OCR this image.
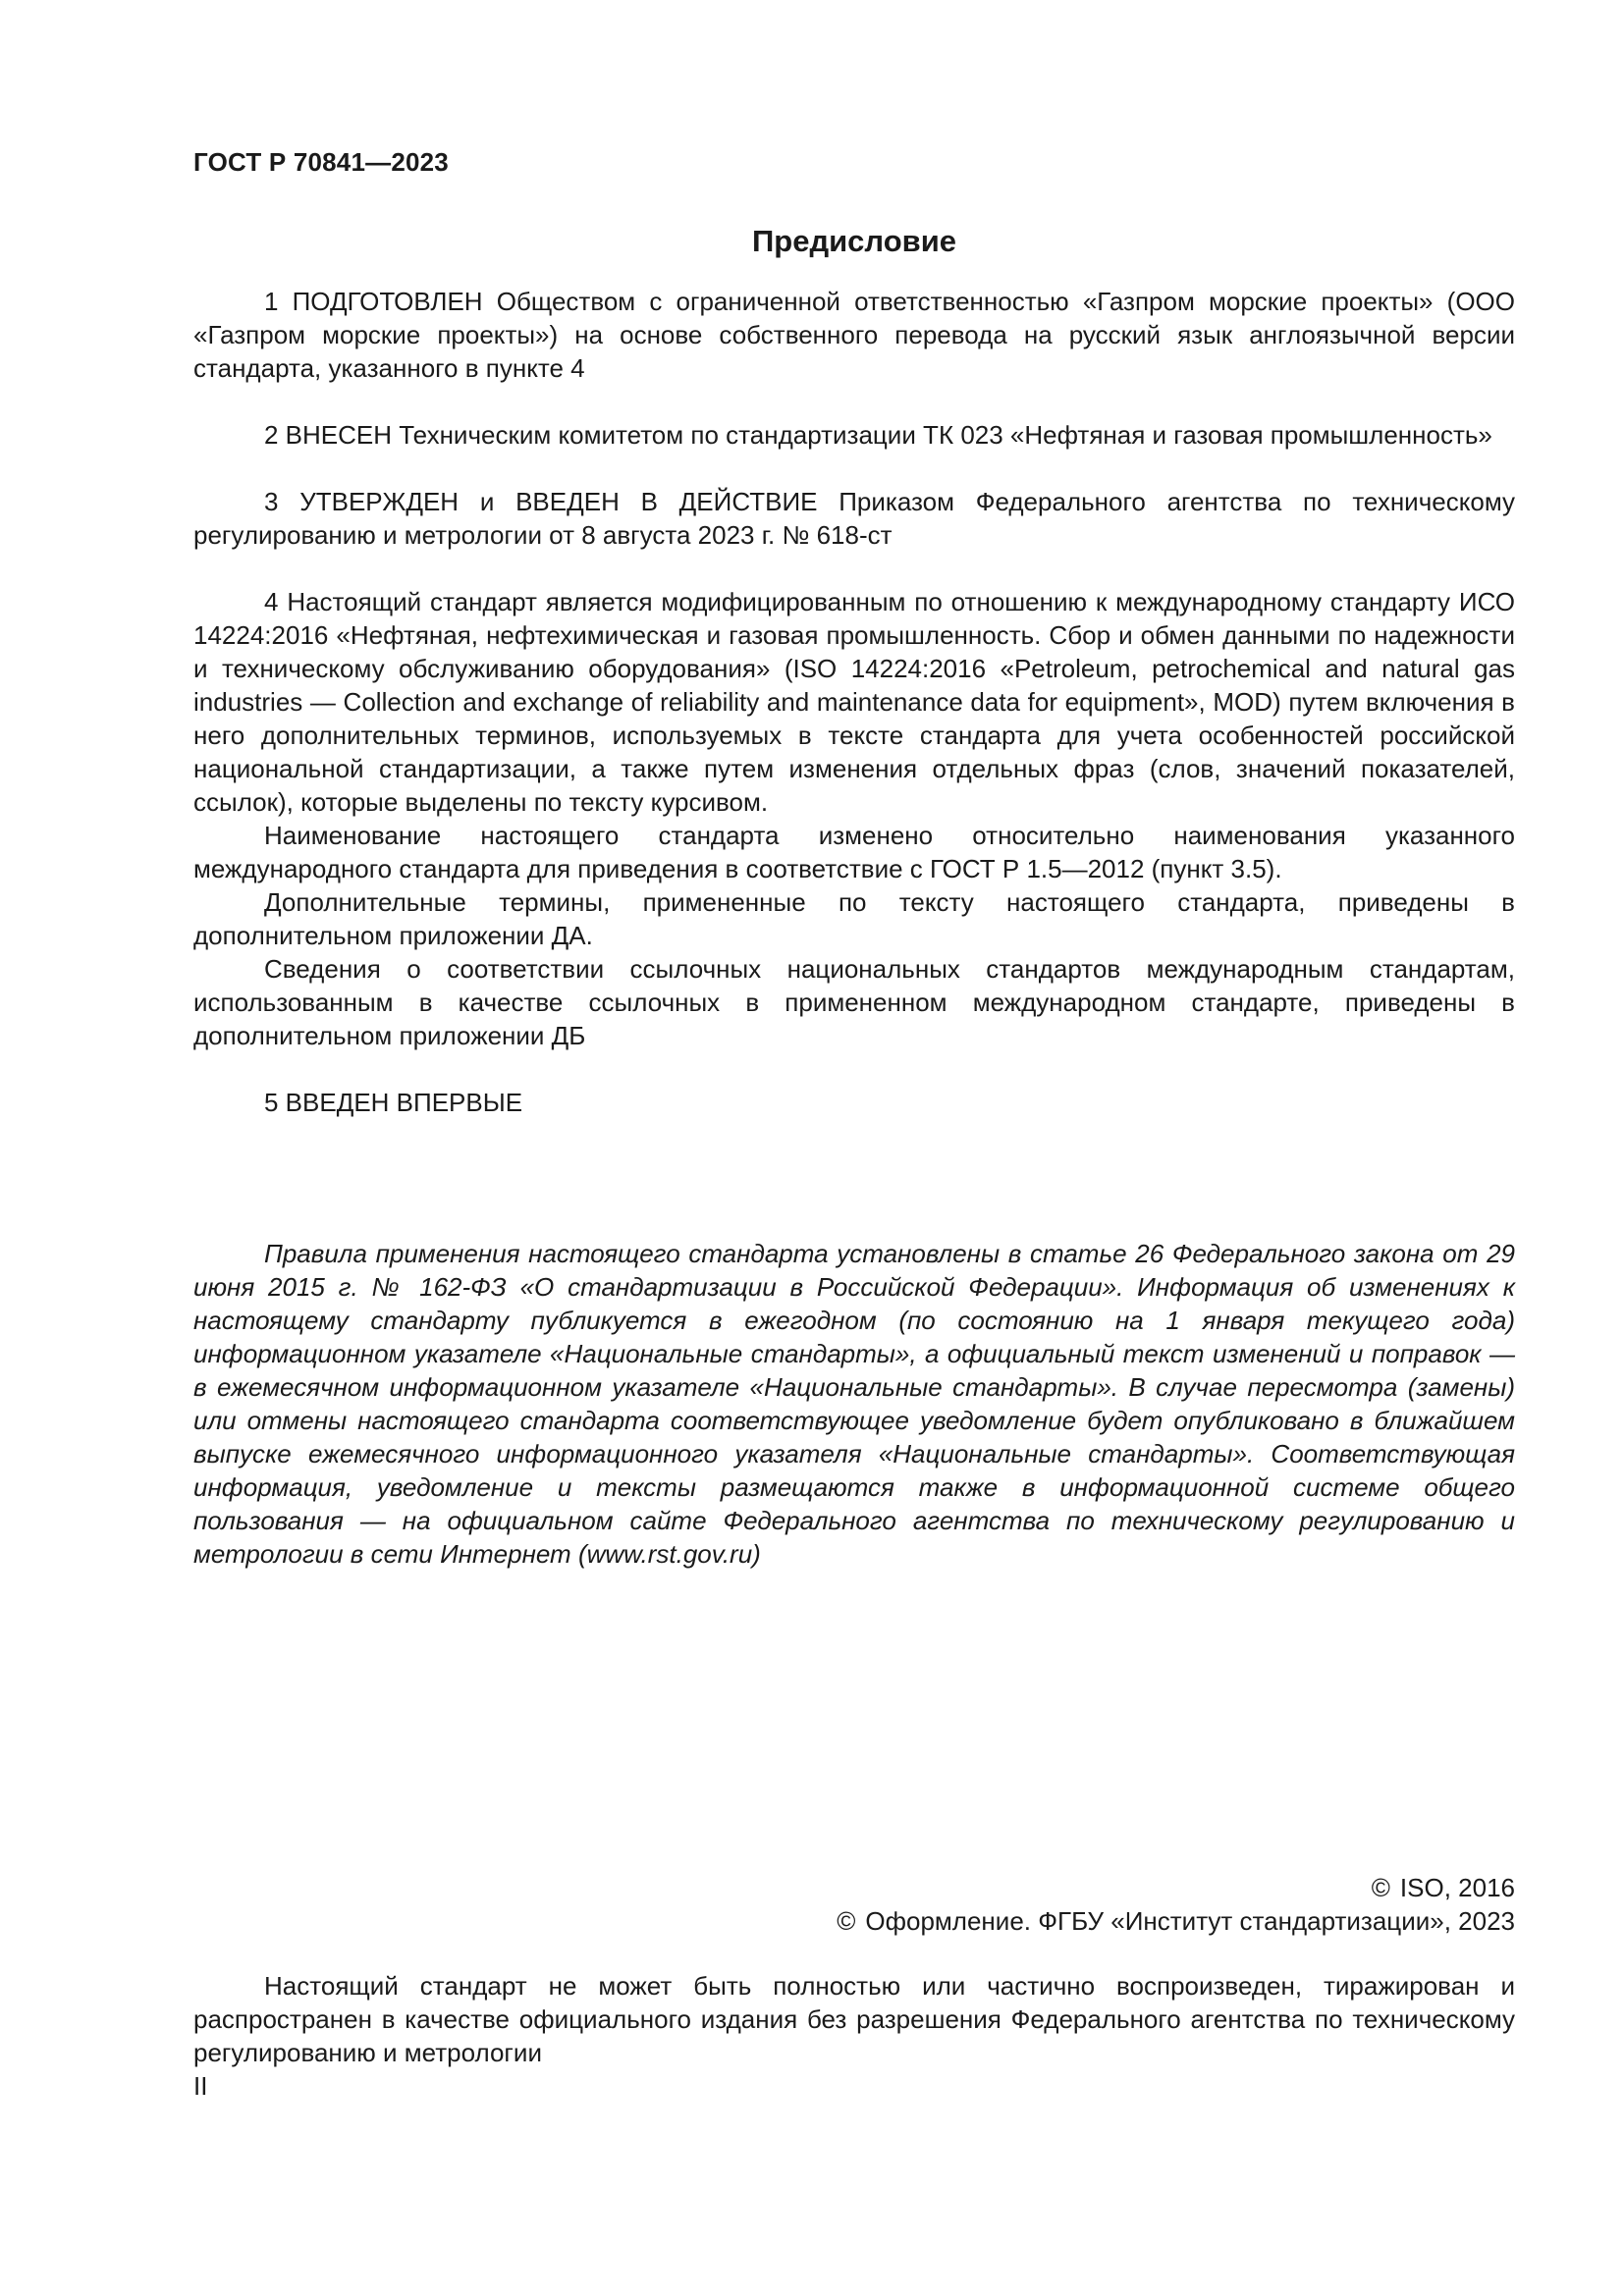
ГОСТ Р 70841—2023
Предисловие

1 ПОДГОТОВЛЕН Обществом с ограниченной ответственностью «Газпром морские проекты» (ООО «Газпром морские проекты») на основе собственного перевода на русский язык англоязычной версии стандарта, указанного в пункте 4

2 ВНЕСЕН Техническим комитетом по стандартизации ТК 023 «Нефтяная и газовая промышленность»

3 УТВЕРЖДЕН и ВВЕДЕН В ДЕЙСТВИЕ Приказом Федерального агентства по техническому регулированию и метрологии от 8 августа 2023 г. № 618-ст

4 Настоящий стандарт является модифицированным по отношению к международному стандарту ИСО 14224:2016 «Нефтяная, нефтехимическая и газовая промышленность. Сбор и обмен данными по надежности и техническому обслуживанию оборудования» (ISO 14224:2016 «Petroleum, petrochemical and natural gas industries — Collection and exchange of reliability and maintenance data for equipment», MOD) путем включения в него дополнительных терминов, используемых в тексте стандарта для учета особенностей российской национальной стандартизации, а также путем изменения отдельных фраз (слов, значений показателей, ссылок), которые выделены по тексту курсивом.

Наименование настоящего стандарта изменено относительно наименования указанного международного стандарта для приведения в соответствие с ГОСТ Р 1.5—2012 (пункт 3.5).

Дополнительные термины, примененные по тексту настоящего стандарта, приведены в дополнительном приложении ДА.

Сведения о соответствии ссылочных национальных стандартов международным стандартам, использованным в качестве ссылочных в примененном международном стандарте, приведены в дополнительном приложении ДБ

5 ВВЕДЕН ВПЕРВЫЕ

Правила применения настоящего стандарта установлены в статье 26 Федерального закона от 29 июня 2015 г. № 162-ФЗ «О стандартизации в Российской Федерации». Информация об изменениях к настоящему стандарту публикуется в ежегодном (по состоянию на 1 января текущего года) информационном указателе «Национальные стандарты», а официальный текст изменений и поправок — в ежемесячном информационном указателе «Национальные стандарты». В случае пересмотра (замены) или отмены настоящего стандарта соответствующее уведомление будет опубликовано в ближайшем выпуске ежемесячного информационного указателя «Национальные стандарты». Соответствующая информация, уведомление и тексты размещаются также в информационной системе общего пользования — на официальном сайте Федерального агентства по техническому регулированию и метрологии в сети Интернет (www.rst.gov.ru)

© ISO, 2016
© Оформление. ФГБУ «Институт стандартизации», 2023

Настоящий стандарт не может быть полностью или частично воспроизведен, тиражирован и распространен в качестве официального издания без разрешения Федерального агентства по техническому регулированию и метрологии

II
